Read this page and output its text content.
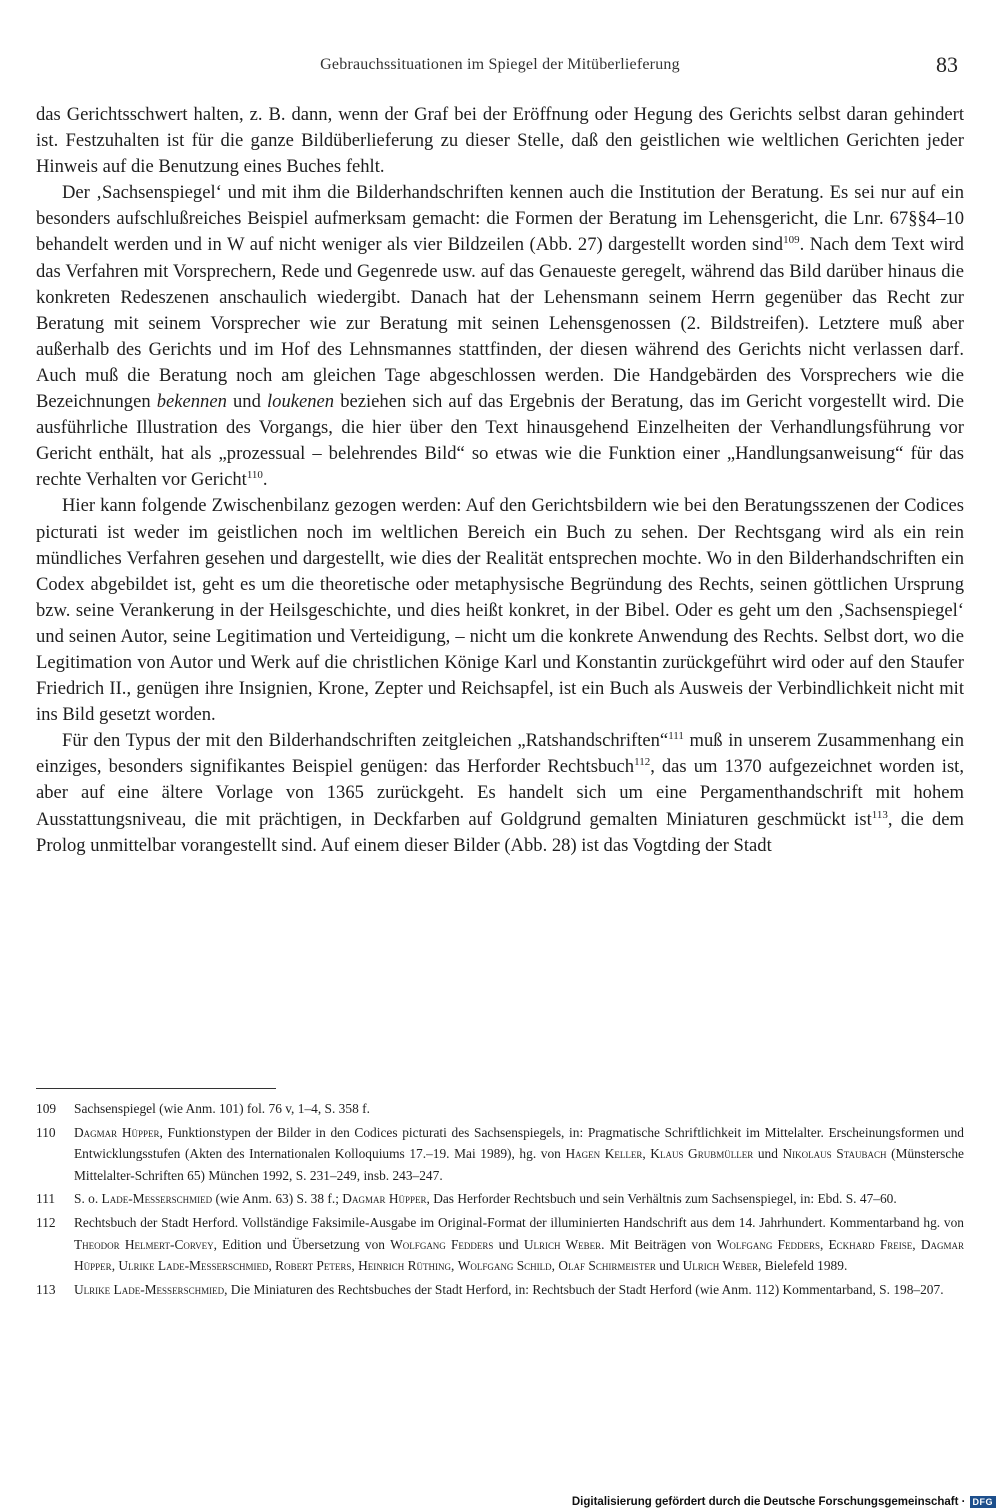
Gebrauchssituationen im Spiegel der Mitüberlieferung	83

das Gerichtsschwert halten, z. B. dann, wenn der Graf bei der Eröffnung oder Hegung des Gerichts selbst daran gehindert ist. Festzuhalten ist für die ganze Bildüberlieferung zu dieser Stelle, daß den geistlichen wie weltlichen Gerichten jeder Hinweis auf die Benutzung eines Buches fehlt.

Der ‚Sachsenspiegel‘ und mit ihm die Bilderhandschriften kennen auch die Institution der Beratung. Es sei nur auf ein besonders aufschlußreiches Beispiel aufmerksam gemacht: die Formen der Beratung im Lehensgericht, die Lnr. 67§§4–10 behandelt werden und in W auf nicht weniger als vier Bildzeilen (Abb. 27) dargestellt worden sind$^{109}$. Nach dem Text wird das Verfahren mit Vorsprechern, Rede und Gegenrede usw. auf das Genaueste geregelt, während das Bild darüber hinaus die konkreten Redeszenen anschaulich wiedergibt. Danach hat der Lehensmann seinem Herrn gegenüber das Recht zur Beratung mit seinem Vorsprecher wie zur Beratung mit seinen Lehensgenossen (2. Bildstreifen). Letztere muß aber außerhalb des Gerichts und im Hof des Lehnsmannes stattfinden, der diesen während des Gerichts nicht verlassen darf. Auch muß die Beratung noch am gleichen Tage abgeschlossen werden. Die Handgebärden des Vorsprechers wie die Bezeichnungen bekennen und loukenen beziehen sich auf das Ergebnis der Beratung, das im Gericht vorgestellt wird. Die ausführliche Illustration des Vorgangs, die hier über den Text hinausgehend Einzelheiten der Verhandlungsführung vor Gericht enthält, hat als „prozessual – belehrendes Bild“ so etwas wie die Funktion einer „Handlungsanweisung“ für das rechte Verhalten vor Gericht$^{110}$.

Hier kann folgende Zwischenbilanz gezogen werden: Auf den Gerichtsbildern wie bei den Beratungsszenen der Codices picturati ist weder im geistlichen noch im weltlichen Bereich ein Buch zu sehen. Der Rechtsgang wird als ein rein mündliches Verfahren gesehen und dargestellt, wie dies der Realität entsprechen mochte. Wo in den Bilderhandschriften ein Codex abgebildet ist, geht es um die theoretische oder metaphysische Begründung des Rechts, seinen göttlichen Ursprung bzw. seine Verankerung in der Heilsgeschichte, und dies heißt konkret, in der Bibel. Oder es geht um den ‚Sachsenspiegel‘ und seinen Autor, seine Legitimation und Verteidigung, – nicht um die konkrete Anwendung des Rechts. Selbst dort, wo die Legitimation von Autor und Werk auf die christlichen Könige Karl und Konstantin zurückgeführt wird oder auf den Staufer Friedrich II., genügen ihre Insignien, Krone, Zepter und Reichsapfel, ist ein Buch als Ausweis der Verbindlichkeit nicht mit ins Bild gesetzt worden.

Für den Typus der mit den Bilderhandschriften zeitgleichen „Ratshandschriften“$^{111}$ muß in unserem Zusammenhang ein einziges, besonders signifikantes Beispiel genügen: das Herforder Rechtsbuch$^{112}$, das um 1370 aufgezeichnet worden ist, aber auf eine ältere Vorlage von 1365 zurückgeht. Es handelt sich um eine Pergamenthandschrift mit hohem Ausstattungsniveau, die mit prächtigen, in Deckfarben auf Goldgrund gemalten Miniaturen geschmückt ist$^{113}$, die dem Prolog unmittelbar vorangestellt sind. Auf einem dieser Bilder (Abb. 28) ist das Vogtding der Stadt

109	Sachsenspiegel (wie Anm. 101) fol. 76 v, 1–4, S. 358 f.
110	Dagmar Hüpper, Funktionstypen der Bilder in den Codices picturati des Sachsenspiegels, in: Pragmatische Schriftlichkeit im Mittelalter. Erscheinungsformen und Entwicklungsstufen (Akten des Internationalen Kolloquiums 17.–19. Mai 1989), hg. von Hagen Keller, Klaus Grubmüller und Nikolaus Staubach (Münstersche Mittelalter-Schriften 65) München 1992, S. 231–249, insb. 243–247.
111	S. o. Lade-Messerschmied (wie Anm. 63) S. 38 f.; Dagmar Hüpper, Das Herforder Rechtsbuch und sein Verhältnis zum Sachsenspiegel, in: Ebd. S. 47–60.
112	Rechtsbuch der Stadt Herford. Vollständige Faksimile-Ausgabe im Original-Format der illuminierten Handschrift aus dem 14. Jahrhundert. Kommentarband hg. von Theodor Helmert-Corvey, Edition und Übersetzung von Wolfgang Fedders und Ulrich Weber. Mit Beiträgen von Wolfgang Fedders, Eckhard Freise, Dagmar Hüpper, Ulrike Lade-Messerschmied, Robert Peters, Heinrich Rüthing, Wolfgang Schild, Olaf Schirmeister und Ulrich Weber, Bielefeld 1989.
113	Ulrike Lade-Messerschmied, Die Miniaturen des Rechtsbuches der Stadt Herford, in: Rechtsbuch der Stadt Herford (wie Anm. 112) Kommentarband, S. 198–207.
Digitalisierung gefördert durch die Deutsche Forschungsgemeinschaft · DFG
